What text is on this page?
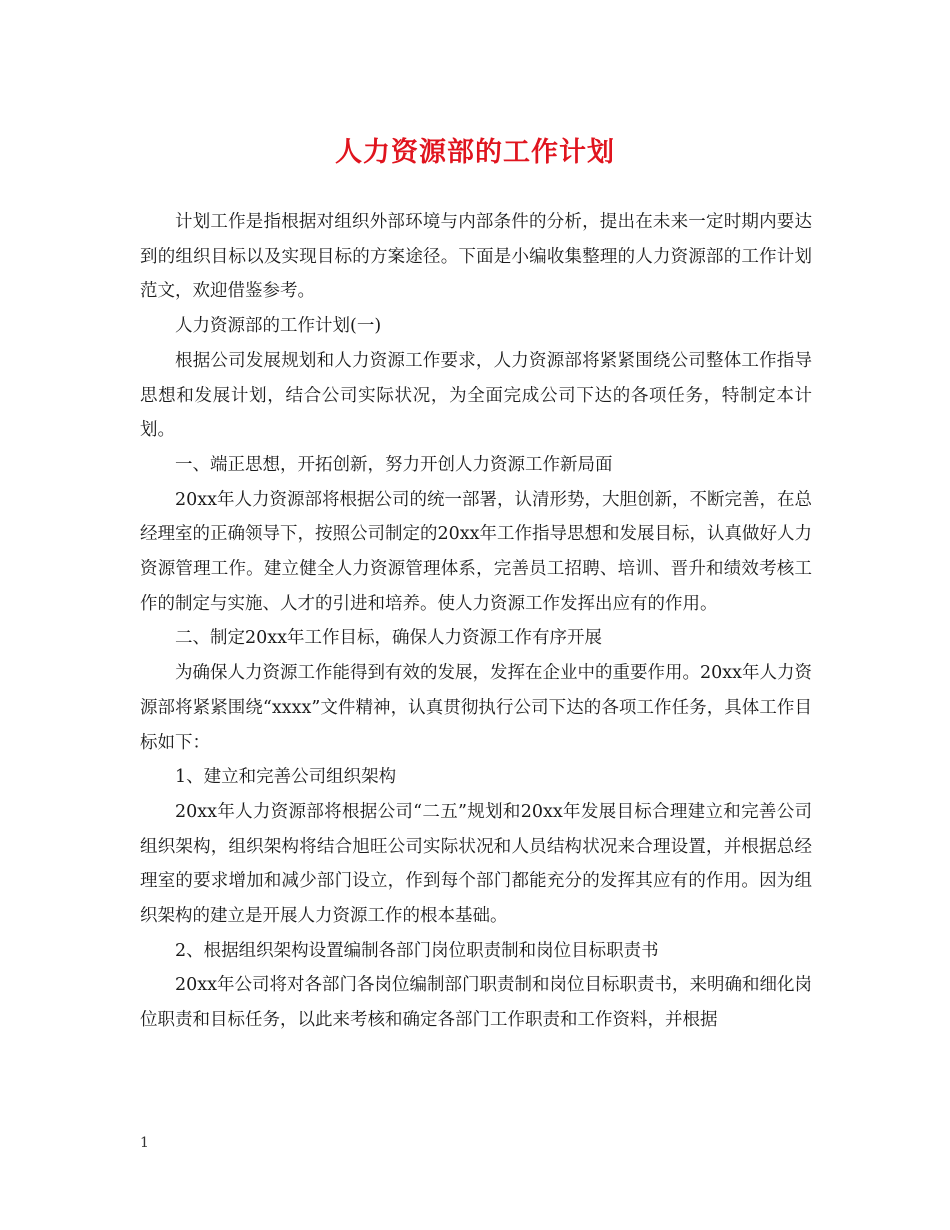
人力资源部的工作计划

计划工作是指根据对组织外部环境与内部条件的分析，提出在未来一定时期内要达到的组织目标以及实现目标的方案途径。下面是小编收集整理的人力资源部的工作计划范文，欢迎借鉴参考。

人力资源部的工作计划(一)

根据公司发展规划和人力资源工作要求，人力资源部将紧紧围绕公司整体工作指导思想和发展计划，结合公司实际状况，为全面完成公司下达的各项任务，特制定本计划。

一、端正思想，开拓创新，努力开创人力资源工作新局面

20xx年人力资源部将根据公司的统一部署，认清形势，大胆创新，不断完善，在总经理室的正确领导下，按照公司制定的20xx年工作指导思想和发展目标，认真做好人力资源管理工作。建立健全人力资源管理体系，完善员工招聘、培训、晋升和绩效考核工作的制定与实施、人才的引进和培养。使人力资源工作发挥出应有的作用。

二、制定20xx年工作目标，确保人力资源工作有序开展

为确保人力资源工作能得到有效的发展，发挥在企业中的重要作用。20xx年人力资源部将紧紧围绕“xxxx”文件精神，认真贯彻执行公司下达的各项工作任务，具体工作目标如下：

1、建立和完善公司组织架构

20xx年人力资源部将根据公司“二五”规划和20xx年发展目标合理建立和完善公司组织架构，组织架构将结合旭旺公司实际状况和人员结构状况来合理设置，并根据总经理室的要求增加和减少部门设立，作到每个部门都能充分的发挥其应有的作用。因为组织架构的建立是开展人力资源工作的根本基础。

2、根据组织架构设置编制各部门岗位职责制和岗位目标职责书

20xx年公司将对各部门各岗位编制部门职责制和岗位目标职责书，来明确和细化岗位职责和目标任务，以此来考核和确定各部门工作职责和工作资料，并根据

1
